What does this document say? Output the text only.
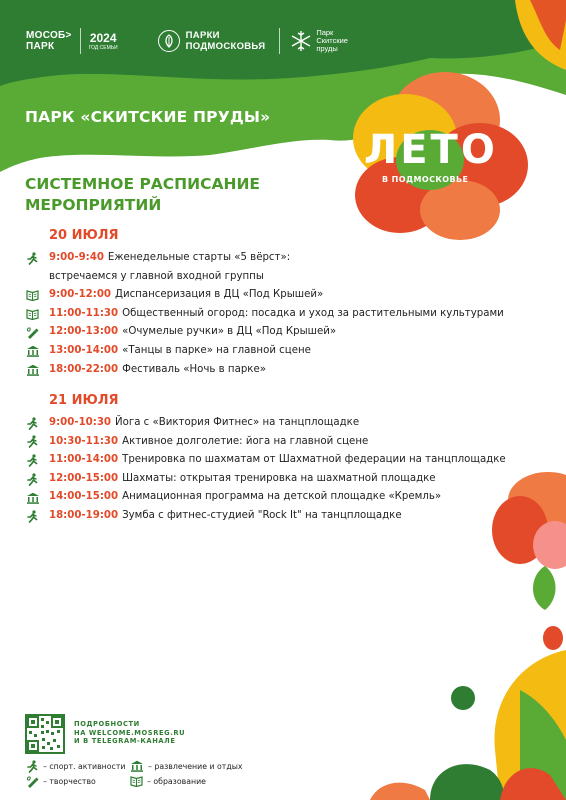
МОСОБ>
ПАРК
2024
ГОД СЕМЬИ
ПАРКИ
ПОДМОСКОВЬЯ
Парк
Скитские
пруды
ПАРК «СКИТСКИЕ ПРУДЫ»
ЛЕТО
В ПОДМОСКОВЬЕ
СИСТЕМНОЕ РАСПИСАНИЕ
МЕРОПРИЯТИЙ
20 ИЮЛЯ
9:00-9:40 Еженедельные старты «5 вёрст»:
встречаемся у главной входной группы
9:00-12:00 Диспансеризация в ДЦ «Под Крышей»
11:00-11:30 Общественный огород: посадка и уход за растительными культурами
12:00-13:00 «Очумелые ручки» в ДЦ «Под Крышей»
13:00-14:00 «Танцы в парке» на главной сцене
18:00-22:00 Фестиваль «Ночь в парке»
21 ИЮЛЯ
9:00-10:30 Йога с «Виктория Фитнес» на танцплощадке
10:30-11:30 Активное долголетие: йога на главной сцене
11:00-14:00 Тренировка по шахматам от Шахматной федерации на танцплощадке
12:00-15:00 Шахматы: открытая тренировка на шахматной площадке
14:00-15:00 Анимационная программа на детской площадке «Кремль»
18:00-19:00 Зумба с фитнес-студией "Rock It" на танцплощадке
ПОДРОБНОСТИ
НА WELCOME.MOSREG.RU
И В TELEGRAM-КАНАЛЕ
– спорт. активности	– развлечение и отдых
– творчество	– образование
